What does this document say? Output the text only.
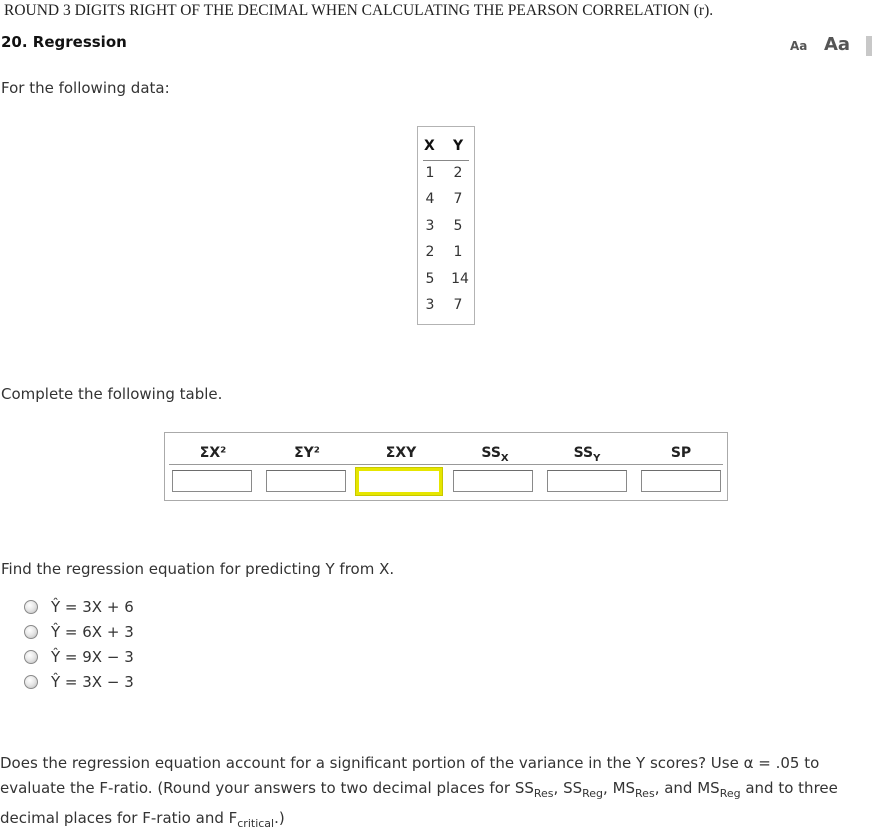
ROUND 3 DIGITS RIGHT OF THE DECIMAL WHEN CALCULATING THE PEARSON CORRELATION (r).
20. Regression	Aa Aa
For the following data:
X Y
1	2
4	7
3	5
2	1
5	14
3	7
Complete the following table.
ΣX²	ΣY²	ΣXY	$SS_X$	$SS_Y$	SP
Find the regression equation for predicting Y from X.
Ŷ = 3X + 6
Ŷ = 6X + 3
Ŷ = 9X − 3
Ŷ = 3X − 3
Does the regression equation account for a significant portion of the variance in the Y scores? Use α = .05 to
evaluate the F-ratio. (Round your answers to two decimal places for $SS_{Res}$, $SS_{Reg}$, $MS_{Res}$, and $MS_{Reg}$ and to three
decimal places for F-ratio and $F_{critical}$.)
